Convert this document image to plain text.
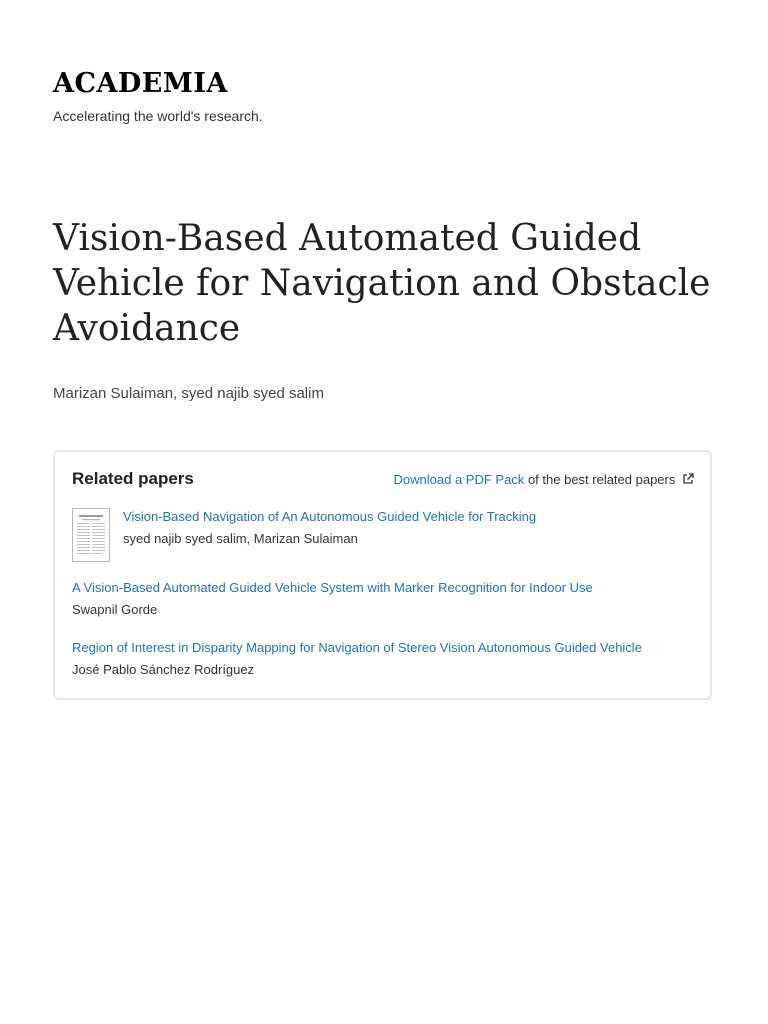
ACADEMIA
Accelerating the world's research.
Vision-Based Automated Guided Vehicle for Navigation and Obstacle Avoidance
Marizan Sulaiman, syed najib syed salim
Related papers	Download a PDF Pack of the best related papers
Vision-Based Navigation of An Autonomous Guided Vehicle for Tracking
syed najib syed salim, Marizan Sulaiman
A Vision-Based Automated Guided Vehicle System with Marker Recognition for Indoor Use
Swapnil Gorde
Region of Interest in Disparity Mapping for Navigation of Stereo Vision Autonomous Guided Vehicle
José Pablo Sánchez Rodríguez
